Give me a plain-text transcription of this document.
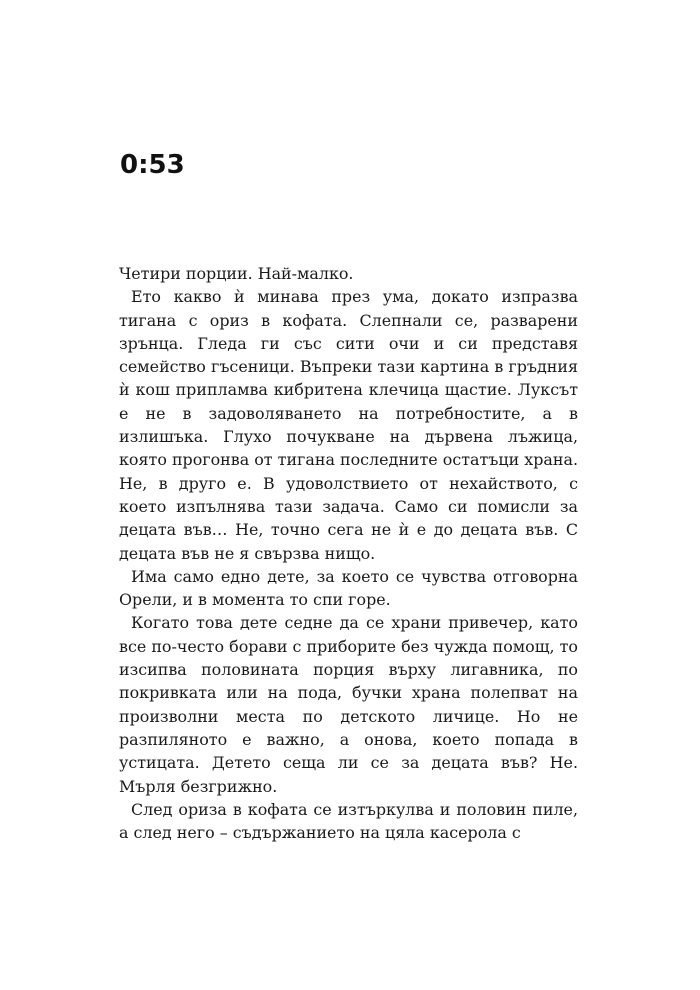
0:53

Четири порции. Най-малко.

Ето какво ѝ минава през ума, докато изпразва тигана с ориз в кофата. Слепнали се, разварени зрънца. Гледа ги със сити очи и си представя семейство гъсеници. Въпреки тази картина в гръдния ѝ кош припламва кибритена клечица щастие. Луксът е не в задоволяването на потребностите, а в излишъка. Глухо почукване на дървена лъжица, която прогонва от тигана последните остатъци храна. Не, в друго е. В удоволствието от нехайството, с което изпълнява тази задача. Само си помисли за децата във… Не, точно сега не ѝ е до децата във. С децата във не я свързва нищо.

Има само едно дете, за което се чувства отговорна Орели, и в момента то спи горе.

Когато това дете седне да се храни привечер, като все по-често борави с приборите без чужда помощ, то изсипва половината порция върху лигавника, по покривката или на пода, бучки храна полепват на произволни места по детското личице. Но не разпиляното е важно, а онова, което попада в устицата. Детето сеща ли се за децата във? Не. Мърля безгрижно.

След ориза в кофата се изтъркулва и половин пиле, а след него – съдържанието на цяла касерола с
